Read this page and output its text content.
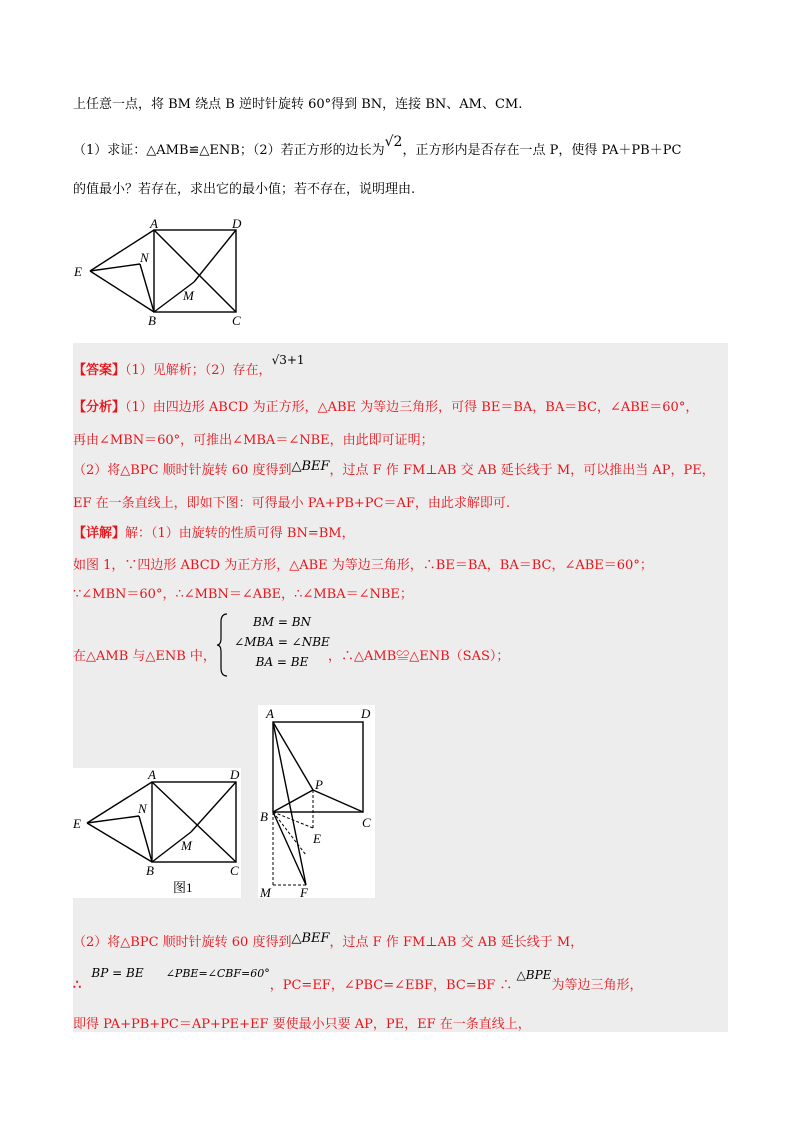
上任意一点，将 BM 绕点 B 逆时针旋转 60°得到 BN，连接 BN、AM、CM.
（1）求证：△AMB≌△ENB；（2）若正方形的边长为√2，正方形内是否存在一点 P，使得 PA＋PB＋PC
的值最小？若存在，求出它的最小值；若不存在，说明理由.
A	D
N
E
M
B	C
【答案】（1）见解析；（2）存在，√3+1
【分析】（1）由四边形 ABCD 为正方形，△ABE 为等边三角形，可得 BE＝BA，BA＝BC，∠ABE＝60°，
再由∠MBN＝60°，可推出∠MBA＝∠NBE，由此即可证明；
（2）将△BPC 顺时针旋转 60 度得到△BEF，过点 F 作 FM⊥AB 交 AB 延长线于 M，可以推出当 AP，PE，
EF 在一条直线上，即如下图：可得最小 PA+PB+PC＝AF，由此求解即可.
【详解】解：（1）由旋转的性质可得 BN=BM，
如图 1，∵四边形 ABCD 为正方形，△ABE 为等边三角形，∴BE＝BA，BA＝BC，∠ABE＝60°；
∵∠MBN＝60°，∴∠MBN＝∠ABE，∴∠MBA＝∠NBE；
在△AMB 与△ENB 中，
BM = BN
∠MBA = ∠NBE
BA = BE	，∴△AMB≌△ENB（SAS）；
A	D
N
E
M
B	C
图1
A	D
P
B
E
C
M F
（2）将△BPC 顺时针旋转 60 度得到△BEF，过点 F 作 FM⊥AB 交 AB 延长线于 M，
∴ BP = BE $^{\angle PBE=\angle CBF=60^\circ}$，PC=EF，∠PBC=∠EBF，BC=BF ∴ △BPE为等边三角形，
即得 PA+PB+PC＝AP+PE+EF 要使最小只要 AP，PE，EF 在一条直线上，
